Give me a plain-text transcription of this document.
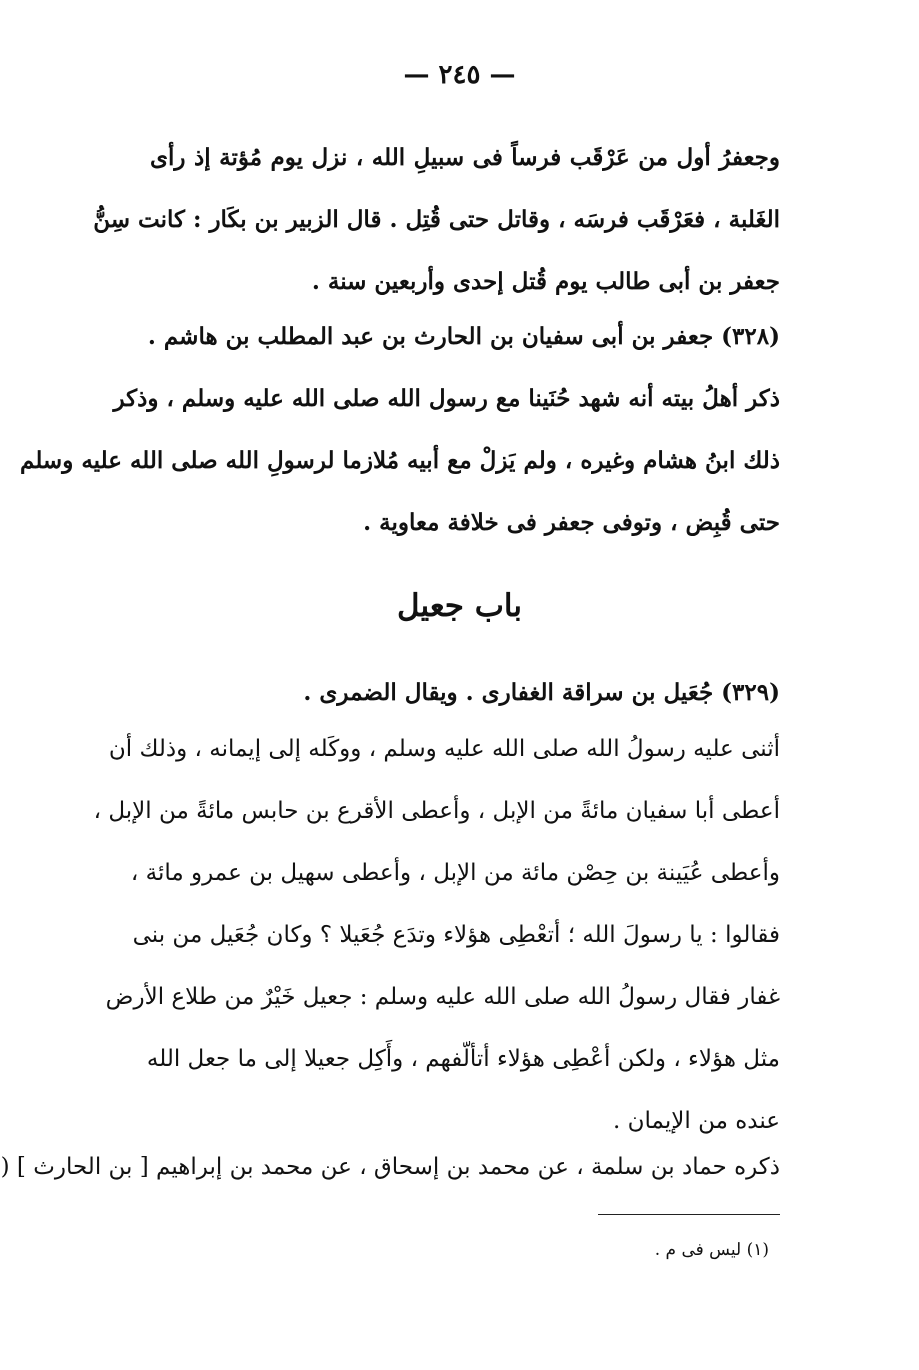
— ٢٤٥ —
وجعفرُ أول من عَرْقَب فرساً فى سبيلِ الله ، نزل يوم مُؤتة إذ رأى
الغَلبة ، فعَرْقَب فرسَه ، وقاتل حتى قُتِل . قال الزبير بن بكَار : كانت سِنُّ
جعفر بن أبى طالب يوم قُتل إحدى وأربعين سنة .
(٣٢٨) جعفر بن أبى سفيان بن الحارث بن عبد المطلب بن هاشم .
ذكر أهلُ بيته أنه شهد حُنَينا مع رسول الله صلى الله عليه وسلم ، وذكر
ذلك ابنُ هشام وغيره ، ولم يَزلْ مع أبيه مُلازما لرسولِ الله صلى الله عليه وسلم
حتى قُبِض ، وتوفى جعفر فى خلافة معاوية .
باب جعيل
(٣٢٩) جُعَيل بن سراقة الغفارى . ويقال الضمرى .
أثنى عليه رسولُ الله صلى الله عليه وسلم ، ووكَله إلى إيمانه ، وذلك أن
أعطى أبا سفيان مائةً من الإبل ، وأعطى الأقرع بن حابس مائةً من الإبل ،
وأعطى عُيَينة بن حِصْن مائة من الإبل ، وأعطى سهيل بن عمرو مائة ،
فقالوا : يا رسولَ الله ؛ أتعْطِى هؤلاء وتدَع جُعَيلا ؟ وكان جُعَيل من بنى
غفار فقال رسولُ الله صلى الله عليه وسلم : جعيل خَيْرٌ من طلاع الأرض
مثل هؤلاء ، ولكن أعْطِى هؤلاء أتألّفهم ، وأَكِل جعيلا إلى ما جعل الله
عنده من الإيمان .
ذكره حماد بن سلمة ، عن محمد بن إسحاق ، عن محمد بن إبراهيم [ بن الحارث ] (
(١) ليس فى م .
